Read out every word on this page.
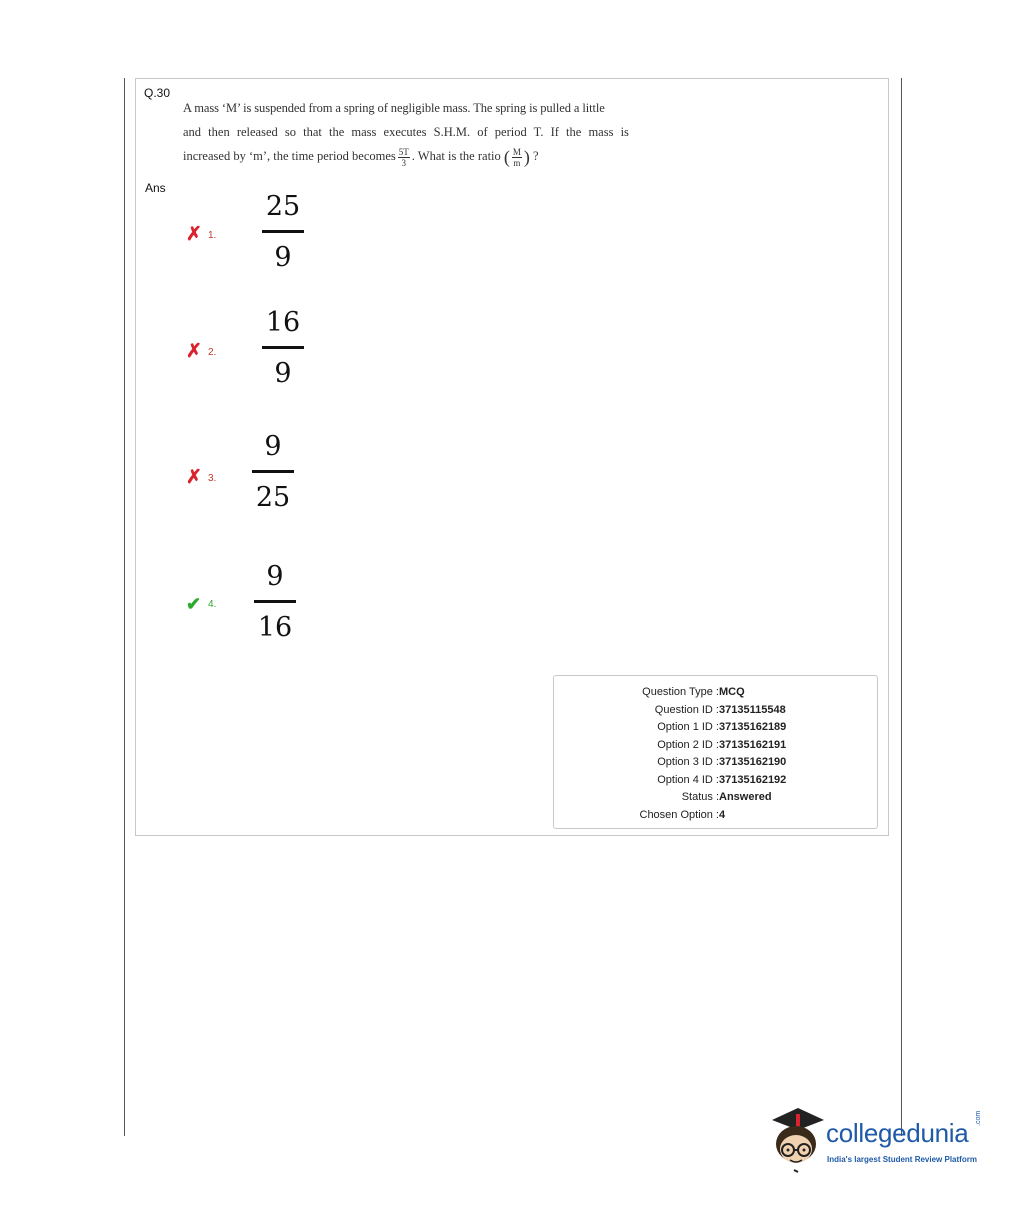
Q.30
A mass ‘M’ is suspended from a spring of negligible mass. The spring is pulled a little
and then released so that the mass executes S.H.M. of period T. If the mass is
increased by ‘m’, the time period becomes $\frac{5T}{3}$ . What is the ratio ( $\frac{M}{m}$ ) ?
Ans
✗ 1.
25
9
✗ 2.
16
9
✗ 3.
9
25
✔ 4.
9
16
Question Type : MCQ
Question ID : 37135115548
Option 1 ID : 37135162189
Option 2 ID : 37135162191
Option 3 ID : 37135162190
Option 4 ID : 37135162192
Status : Answered
Chosen Option : 4
collegedunia .com
India's largest Student Review Platform
